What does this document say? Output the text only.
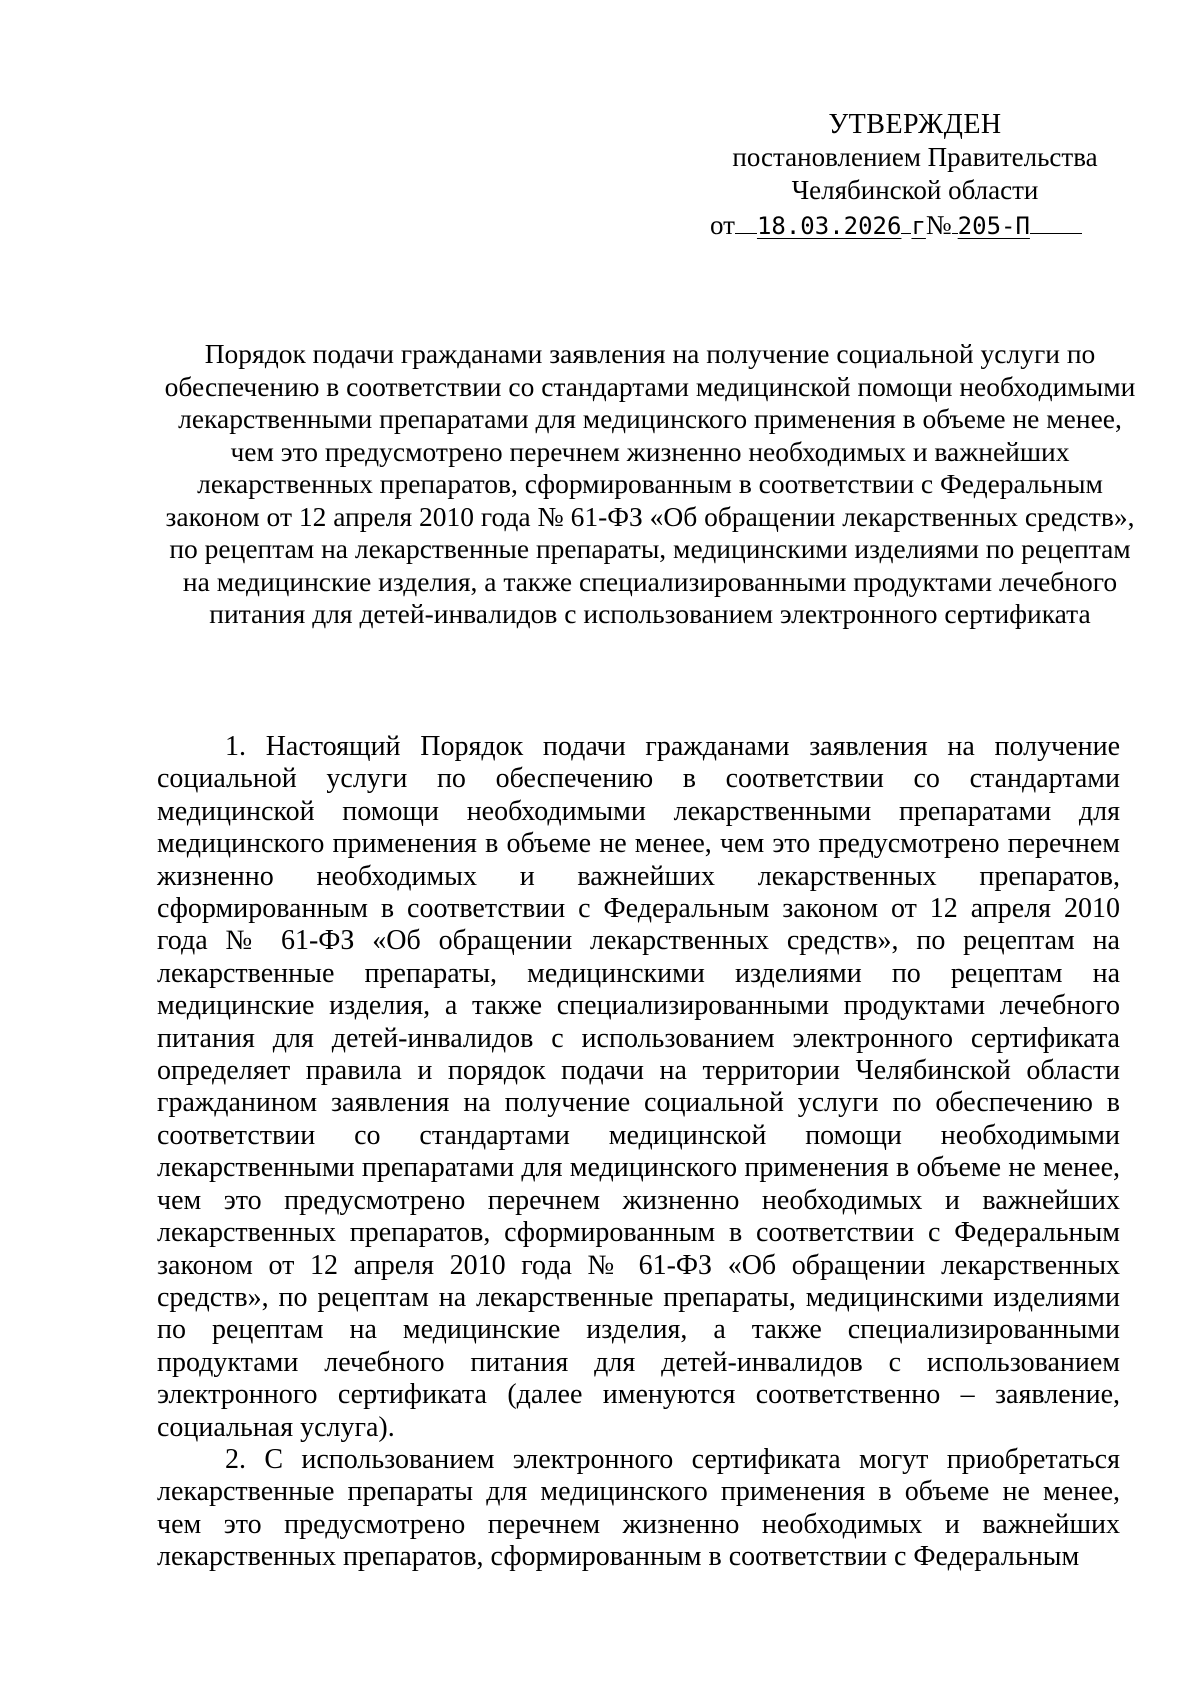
УТВЕРЖДЕН
постановлением Правительства
Челябинской области
от 18.03.2026 г№ 205-П
Порядок подачи гражданами заявления на получение социальной услуги по обеспечению в соответствии со стандартами медицинской помощи необходимыми лекарственными препаратами для медицинского применения в объеме не менее, чем это предусмотрено перечнем жизненно необходимых и важнейших лекарственных препаратов, сформированным в соответствии с Федеральным законом от 12 апреля 2010 года № 61-ФЗ «Об обращении лекарственных средств», по рецептам на лекарственные препараты, медицинскими изделиями по рецептам на медицинские изделия, а также специализированными продуктами лечебного питания для детей-инвалидов с использованием электронного сертификата

1. Настоящий Порядок подачи гражданами заявления на получение социальной услуги по обеспечению в соответствии со стандартами медицинской помощи необходимыми лекарственными препаратами для медицинского применения в объеме не менее, чем это предусмотрено перечнем жизненно необходимых и важнейших лекарственных препаратов, сформированным в соответствии с Федеральным законом от 12 апреля 2010 года № 61-ФЗ «Об обращении лекарственных средств», по рецептам на лекарственные препараты, медицинскими изделиями по рецептам на медицинские изделия, а также специализированными продуктами лечебного питания для детей-инвалидов с использованием электронного сертификата определяет правила и порядок подачи на территории Челябинской области гражданином заявления на получение социальной услуги по обеспечению в соответствии со стандартами медицинской помощи необходимыми лекарственными препаратами для медицинского применения в объеме не менее, чем это предусмотрено перечнем жизненно необходимых и важнейших лекарственных препаратов, сформированным в соответствии с Федеральным законом от 12 апреля 2010 года № 61-ФЗ «Об обращении лекарственных средств», по рецептам на лекарственные препараты, медицинскими изделиями по рецептам на медицинские изделия, а также специализированными продуктами лечебного питания для детей-инвалидов с использованием электронного сертификата (далее именуются соответственно – заявление, социальная услуга).

2. С использованием электронного сертификата могут приобретаться лекарственные препараты для медицинского применения в объеме не менее, чем это предусмотрено перечнем жизненно необходимых и важнейших лекарственных препаратов, сформированным в соответствии с Федеральным
